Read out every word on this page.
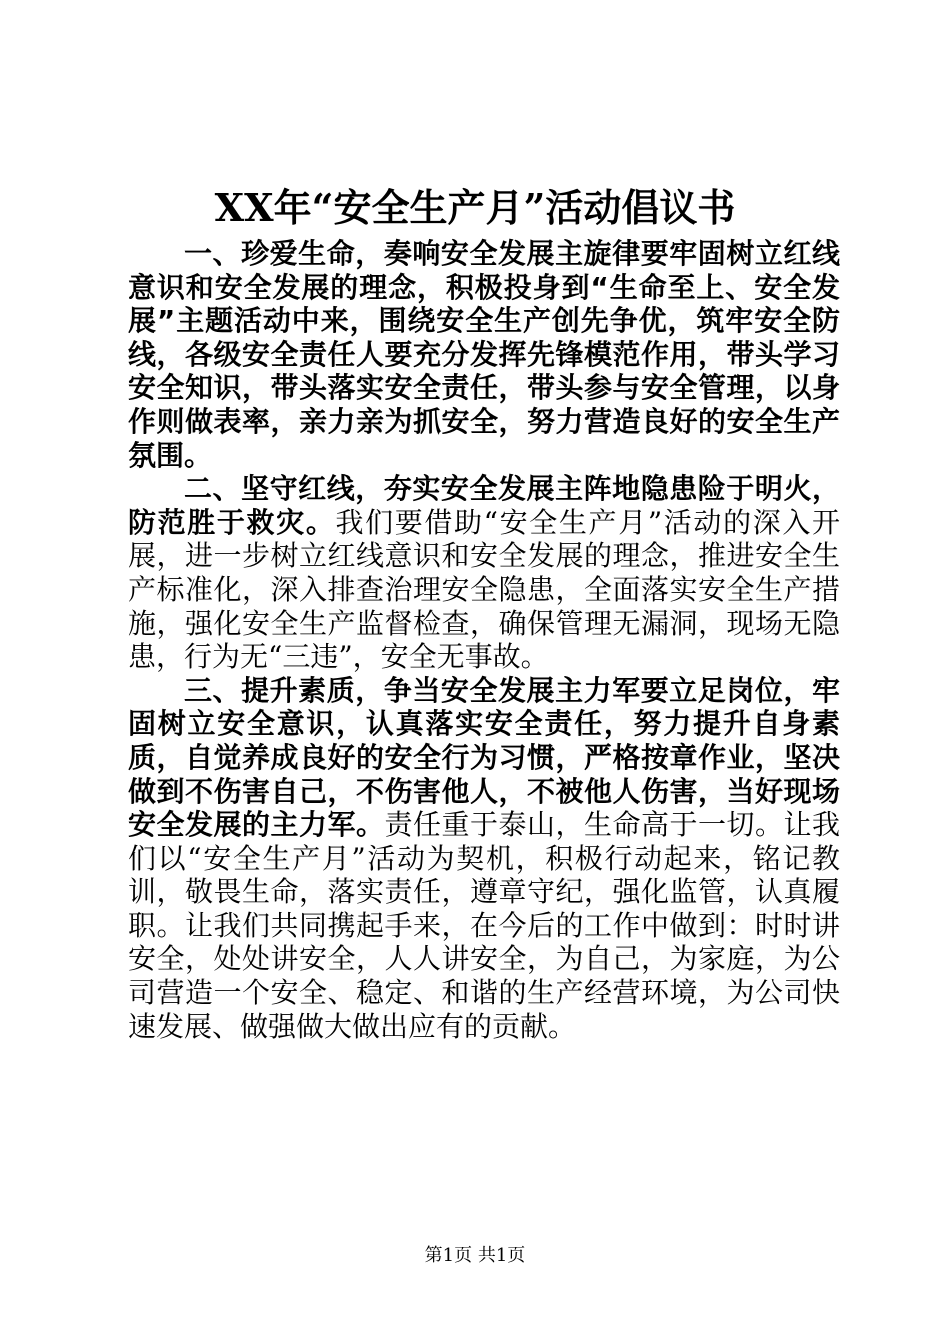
XX年“安全生产月”活动倡议书

一、珍爱生命，奏响安全发展主旋律要牢固树立红线意识和安全发展的理念，积极投身到“生命至上、安全发展”主题活动中来，围绕安全生产创先争优，筑牢安全防线，各级安全责任人要充分发挥先锋模范作用，带头学习安全知识，带头落实安全责任，带头参与安全管理，以身作则做表率，亲力亲为抓安全，努力营造良好的安全生产氛围。

二、坚守红线，夯实安全发展主阵地隐患险于明火，防范胜于救灾。我们要借助“安全生产月”活动的深入开展，进一步树立红线意识和安全发展的理念，推进安全生产标准化，深入排查治理安全隐患，全面落实安全生产措施，强化安全生产监督检查，确保管理无漏洞，现场无隐患，行为无“三违”，安全无事故。

三、提升素质，争当安全发展主力军要立足岗位，牢固树立安全意识，认真落实安全责任，努力提升自身素质，自觉养成良好的安全行为习惯，严格按章作业，坚决做到不伤害自己，不伤害他人，不被他人伤害，当好现场安全发展的主力军。责任重于泰山，生命高于一切。让我们以“安全生产月”活动为契机，积极行动起来，铭记教训，敬畏生命，落实责任，遵章守纪，强化监管，认真履职。让我们共同携起手来，在今后的工作中做到：时时讲安全，处处讲安全，人人讲安全，为自己，为家庭，为公司营造一个安全、稳定、和谐的生产经营环境，为公司快速发展、做强做大做出应有的贡献。

第1页 共1页
